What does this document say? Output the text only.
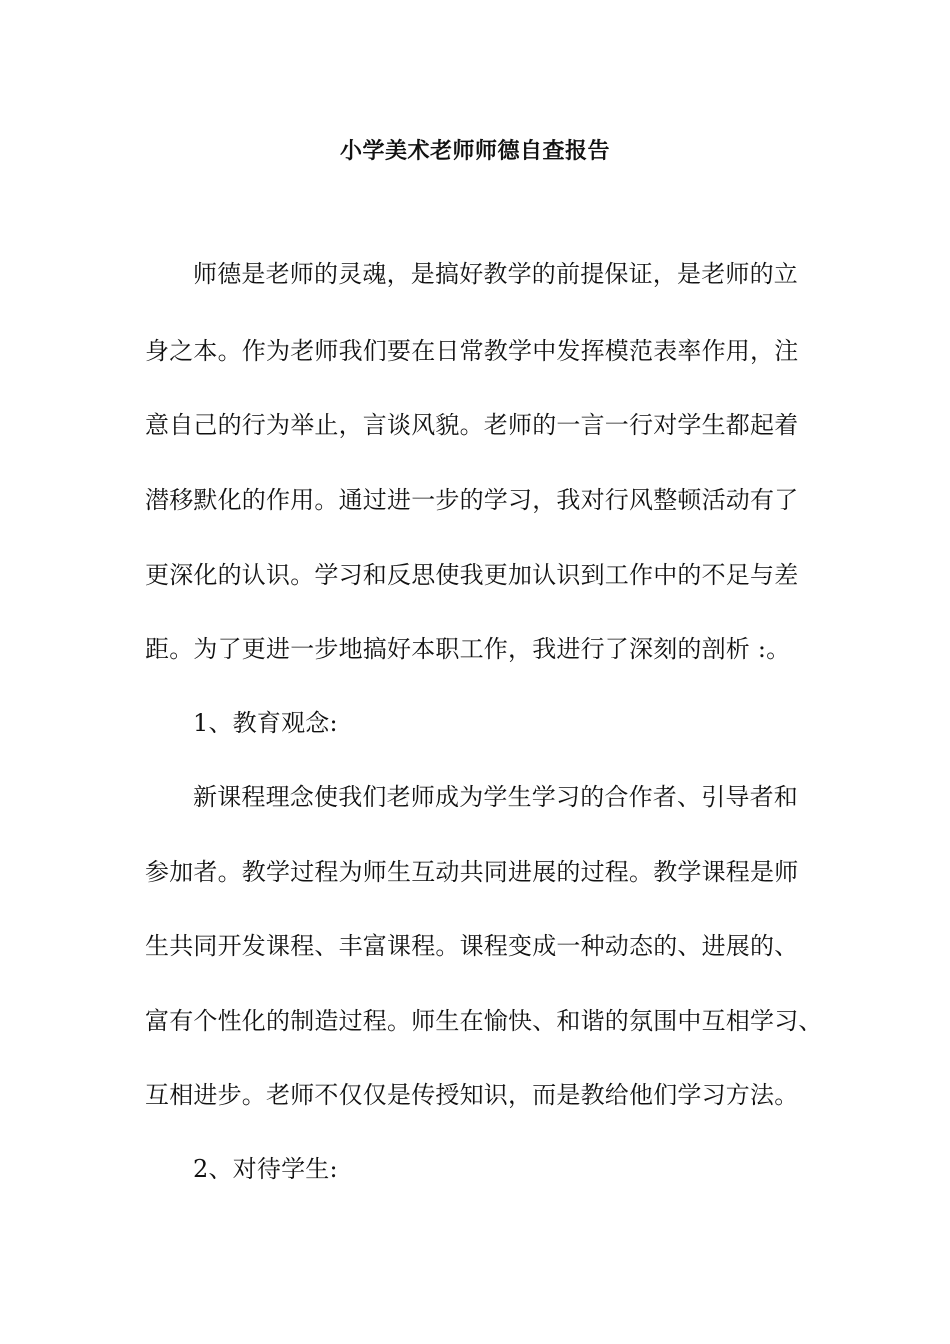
小学美术老师师德自查报告
师德是老师的灵魂，是搞好教学的前提保证，是老师的立
身之本。作为老师我们要在日常教学中发挥模范表率作用，注
意自己的行为举止，言谈风貌。老师的一言一行对学生都起着
潜移默化的作用。通过进一步的学习，我对行风整顿活动有了
更深化的认识。学习和反思使我更加认识到工作中的不足与差
距。为了更进一步地搞好本职工作，我进行了深刻的剖析 :。
1、教育观念:
新课程理念使我们老师成为学生学习的合作者、引导者和
参加者。教学过程为师生互动共同进展的过程。教学课程是师
生共同开发课程、丰富课程。课程变成一种动态的、进展的、
富有个性化的制造过程。师生在愉快、和谐的氛围中互相学习、
互相进步。老师不仅仅是传授知识，而是教给他们学习方法。
2、对待学生:
